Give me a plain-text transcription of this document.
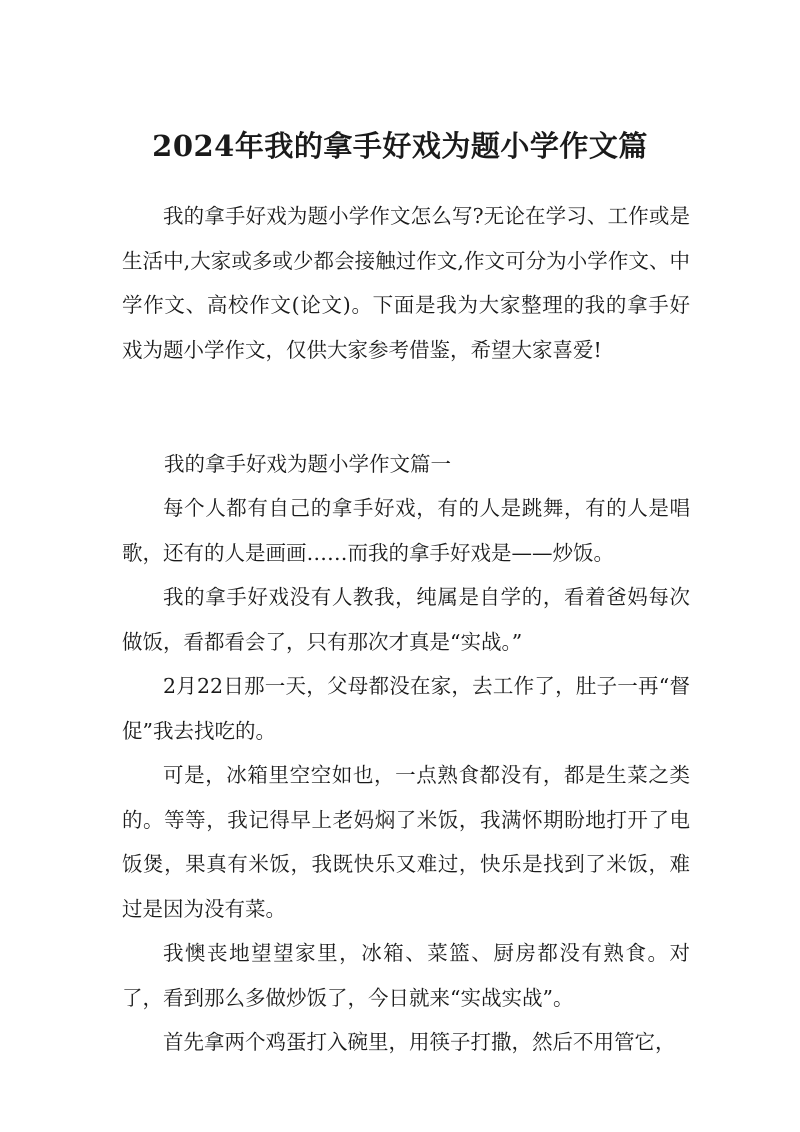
2024年我的拿手好戏为题小学作文篇

我的拿手好戏为题小学作文怎么写?无论在学习、工作或是生活中,大家或多或少都会接触过作文,作文可分为小学作文、中学作文、高校作文(论文)。下面是我为大家整理的我的拿手好戏为题小学作文，仅供大家参考借鉴，希望大家喜爱!

我的拿手好戏为题小学作文篇一

每个人都有自己的拿手好戏，有的人是跳舞，有的人是唱歌，还有的人是画画……而我的拿手好戏是——炒饭。

我的拿手好戏没有人教我，纯属是自学的，看着爸妈每次做饭，看都看会了，只有那次才真是“实战。”

2月22日那一天，父母都没在家，去工作了，肚子一再“督促”我去找吃的。

可是，冰箱里空空如也，一点熟食都没有，都是生菜之类的。等等，我记得早上老妈焖了米饭，我满怀期盼地打开了电饭煲，果真有米饭，我既快乐又难过，快乐是找到了米饭，难过是因为没有菜。

我懊丧地望望家里，冰箱、菜篮、厨房都没有熟食。对了，看到那么多做炒饭了，今日就来“实战实战”。

首先拿两个鸡蛋打入碗里，用筷子打撒，然后不用管它，
